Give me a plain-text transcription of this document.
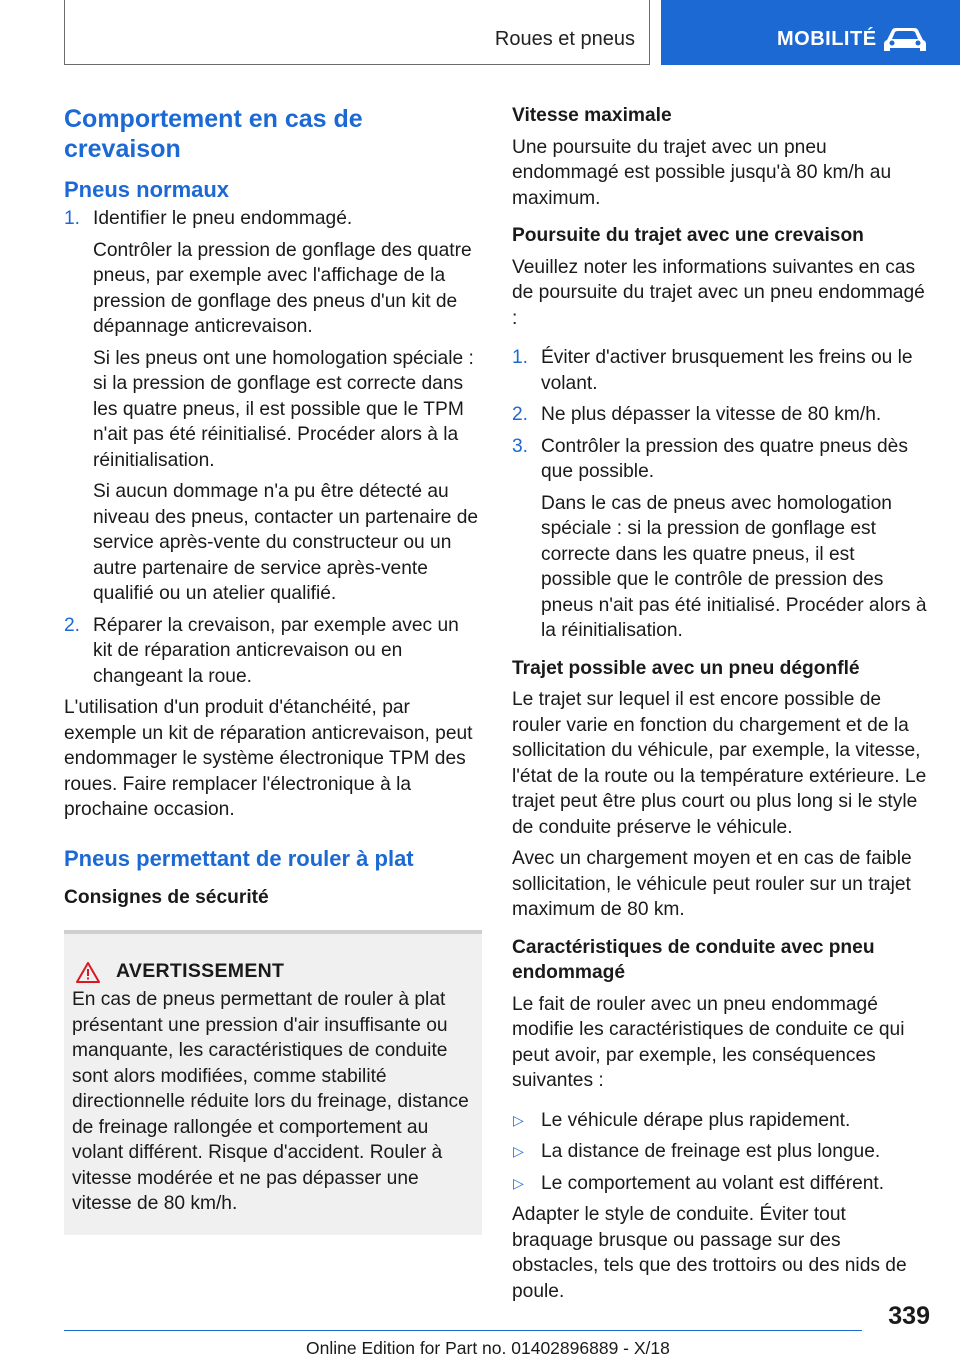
Roues et pneus	MOBILITÉ
Comportement en cas de crevaison
Pneus normaux
1. Identifier le pneu endommagé.
Contrôler la pression de gonflage des quatre pneus, par exemple avec l'affichage de la pression de gonflage des pneus d'un kit de dépannage anticrevaison.
Si les pneus ont une homologation spéciale : si la pression de gonflage est correcte dans les quatre pneus, il est possible que le TPM n'ait pas été réinitialisé. Procéder alors à la réinitialisation.
Si aucun dommage n'a pu être détecté au niveau des pneus, contacter un partenaire de service après-vente du constructeur ou un autre partenaire de service après-vente qualifié ou un atelier qualifié.
2. Réparer la crevaison, par exemple avec un kit de réparation anticrevaison ou en changeant la roue.

L'utilisation d'un produit d'étanchéité, par exemple un kit de réparation anticrevaison, peut endommager le système électronique TPM des roues. Faire remplacer l'électronique à la prochaine occasion.

Pneus permettant de rouler à plat
Consignes de sécurité
AVERTISSEMENT

En cas de pneus permettant de rouler à plat présentant une pression d'air insuffisante ou manquante, les caractéristiques de conduite sont alors modifiées, comme stabilité directionnelle réduite lors du freinage, distance de freinage rallongée et comportement au volant différent. Risque d'accident. Rouler à vitesse modérée et ne pas dépasser une vitesse de 80 km/h.

Vitesse maximale

Une poursuite du trajet avec un pneu endommagé est possible jusqu'à 80 km/h au maximum.

Poursuite du trajet avec une crevaison

Veuillez noter les informations suivantes en cas de poursuite du trajet avec un pneu endommagé :

1. Éviter d'activer brusquement les freins ou le volant.
2. Ne plus dépasser la vitesse de 80 km/h.
3. Contrôler la pression des quatre pneus dès que possible.
Dans le cas de pneus avec homologation spéciale : si la pression de gonflage est correcte dans les quatre pneus, il est possible que le contrôle de pression des pneus n'ait pas été initialisé. Procéder alors à la réinitialisation.
Trajet possible avec un pneu dégonflé

Le trajet sur lequel il est encore possible de rouler varie en fonction du chargement et de la sollicitation du véhicule, par exemple, la vitesse, l'état de la route ou la température extérieure. Le trajet peut être plus court ou plus long si le style de conduite préserve le véhicule.

Avec un chargement moyen et en cas de faible sollicitation, le véhicule peut rouler sur un trajet maximum de 80 km.

Caractéristiques de conduite avec pneu endommagé

Le fait de rouler avec un pneu endommagé modifie les caractéristiques de conduite ce qui peut avoir, par exemple, les conséquences suivantes :

▷ Le véhicule dérape plus rapidement.
▷ La distance de freinage est plus longue.
▷ Le comportement au volant est différent.

Adapter le style de conduite. Éviter tout braquage brusque ou passage sur des obstacles, tels que des trottoirs ou des nids de poule.

339
Online Edition for Part no. 01402896889 - X/18
